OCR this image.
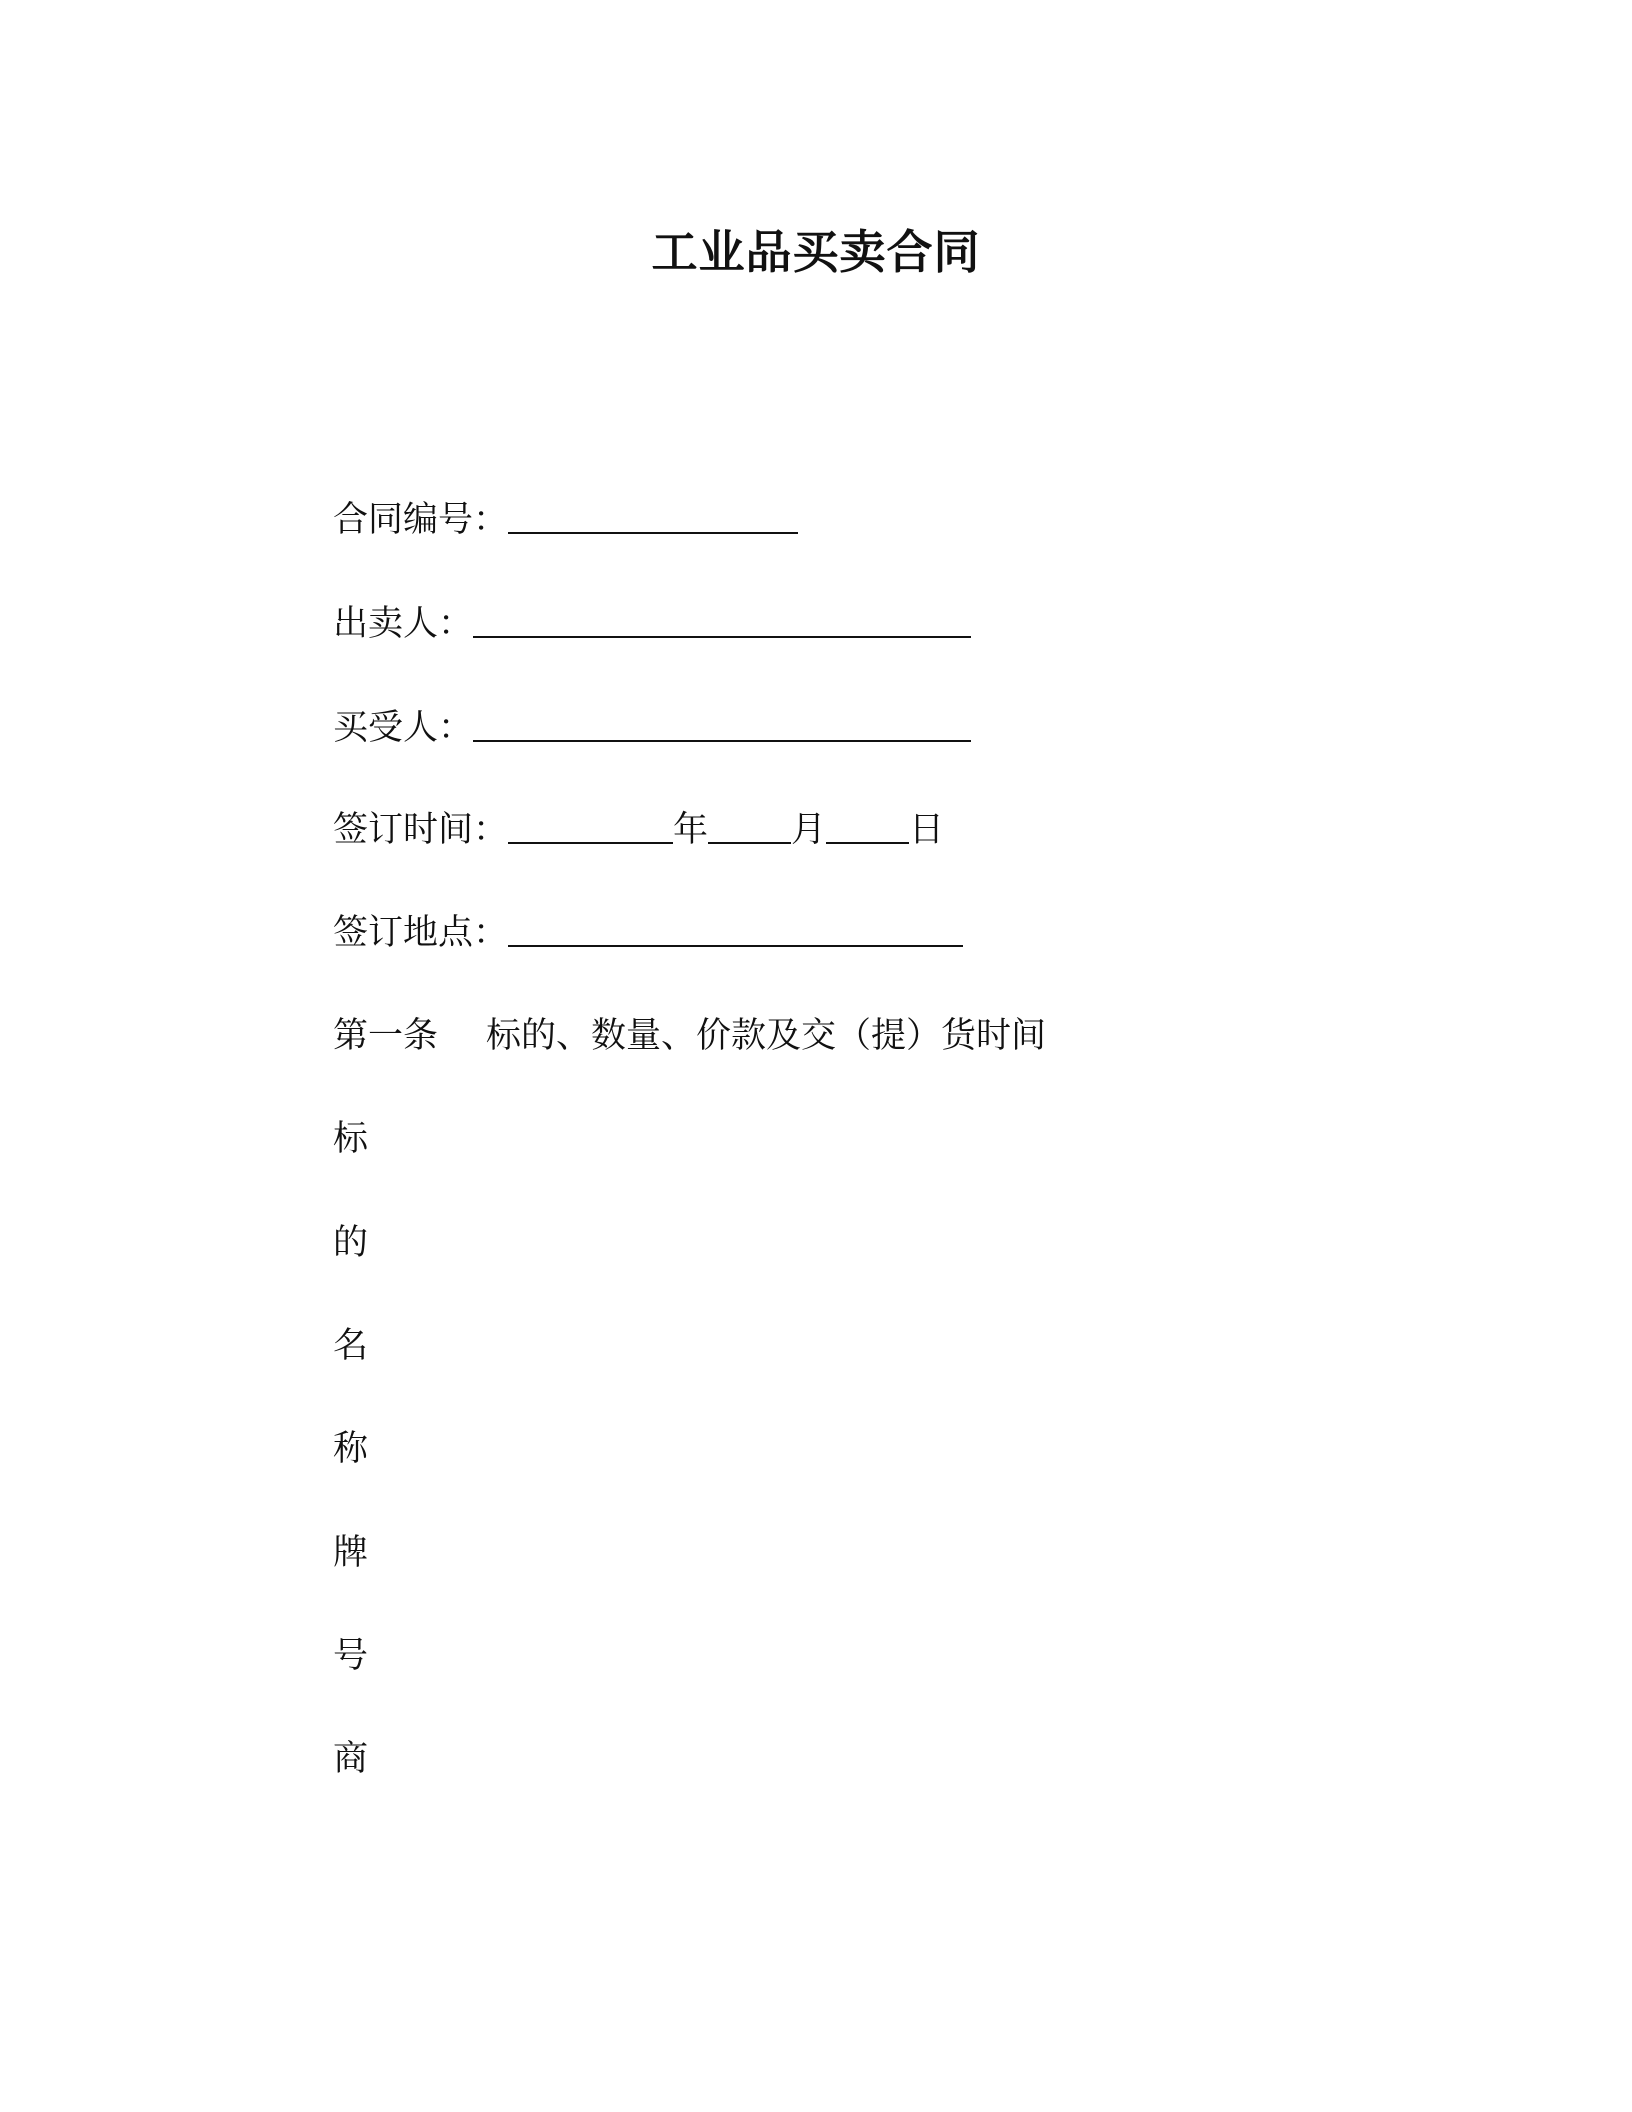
工业品买卖合同
合同编号：
出卖人：
买受人：
签订时间：	年 月 日
签订地点：
第一条 标的、数量、价款及交（提）货时间
标
的
名
称
牌
号
商
